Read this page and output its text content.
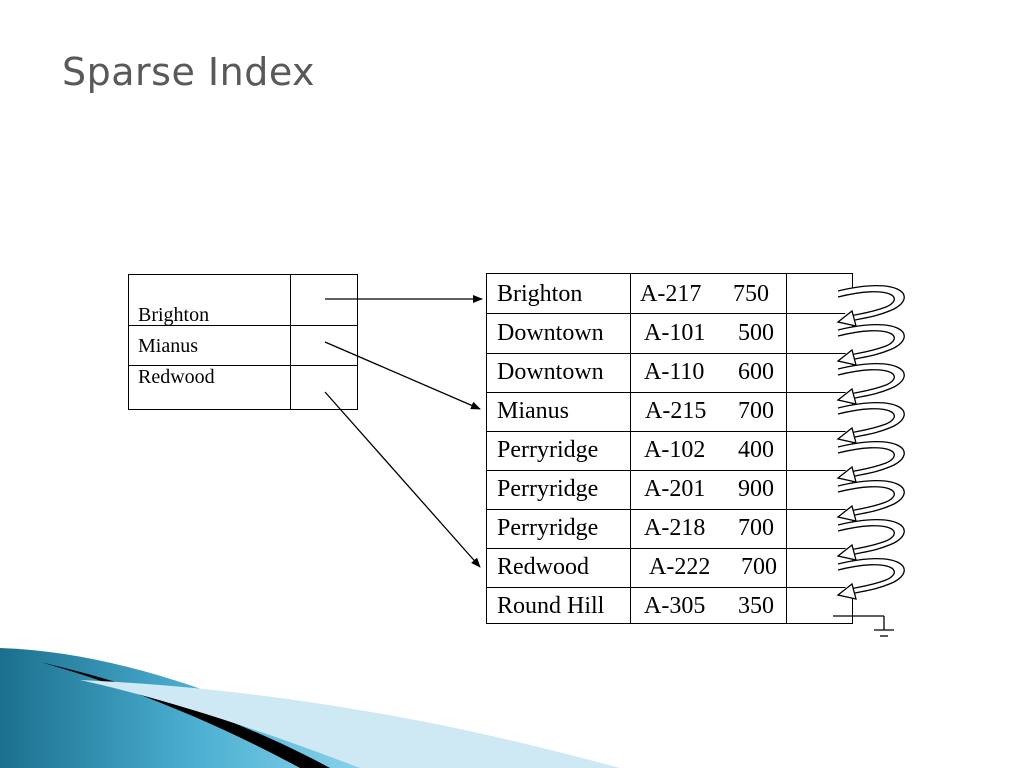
Sparse Index
Brighton
Mianus
Redwood
Brighton A-217 750
Downtown A-101 500
Downtown A-110 600
Mianus	A-215 700
Perryridge A-102 400
Perryridge A-201 900
Perryridge A-218 700
Redwood	A-222 700
Round Hill A-305 350
